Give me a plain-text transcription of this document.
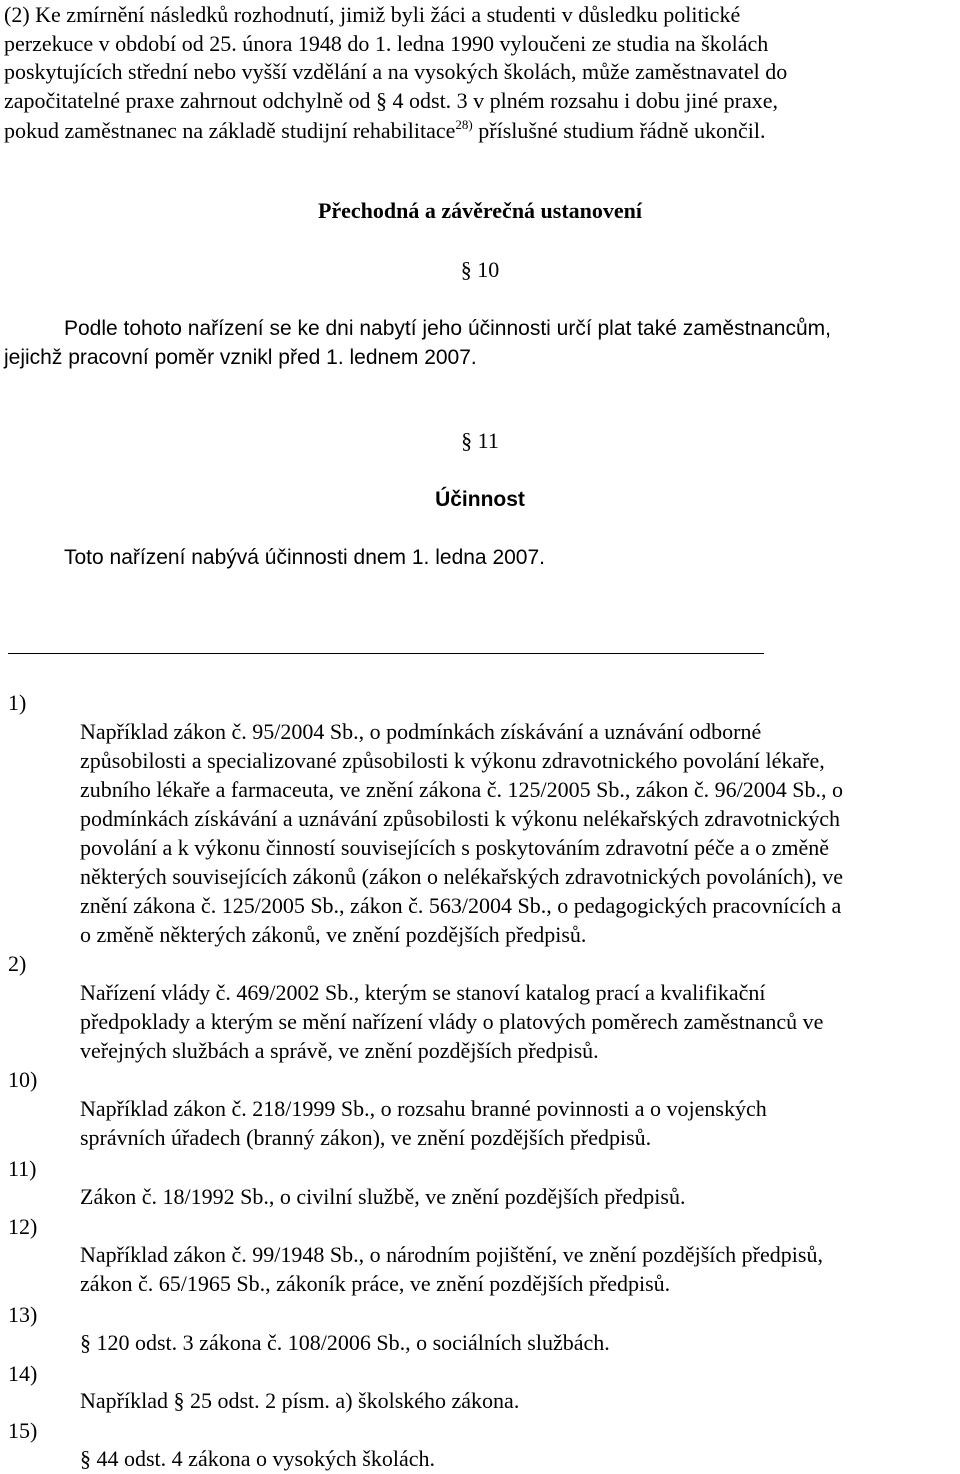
(2) Ke zmírnění následků rozhodnutí, jimiž byli žáci a studenti v důsledku politické
perzekuce v období od 25. února 1948 do 1. ledna 1990 vyloučeni ze studia na školách
poskytujících střední nebo vyšší vzdělání a na vysokých školách, může zaměstnavatel do
započitatelné praxe zahrnout odchylně od § 4 odst. 3 v plném rozsahu i dobu jiné praxe,
pokud zaměstnanec na základě studijní rehabilitace$^{28)}$ příslušné studium řádně ukončil.
Přechodná a závěrečná ustanovení
§ 10
Podle tohoto nařízení se ke dni nabytí jeho účinnosti určí plat také zaměstnancům,
jejichž pracovní poměr vznikl před 1. lednem 2007.
§ 11
Účinnost
Toto nařízení nabývá účinnosti dnem 1. ledna 2007.
1)
2)
10)
11)
12)
13)
14)
15)
Například zákon č. 95/2004 Sb., o podmínkách získávání a uznávání odborné
způsobilosti a specializované způsobilosti k výkonu zdravotnického povolání lékaře,
zubního lékaře a farmaceuta, ve znění zákona č. 125/2005 Sb., zákon č. 96/2004 Sb., o
podmínkách získávání a uznávání způsobilosti k výkonu nelékařských zdravotnických
povolání a k výkonu činností souvisejících s poskytováním zdravotní péče a o změně
některých souvisejících zákonů (zákon o nelékařských zdravotnických povoláních), ve
znění zákona č. 125/2005 Sb., zákon č. 563/2004 Sb., o pedagogických pracovnících a
o změně některých zákonů, ve znění pozdějších předpisů.
Nařízení vlády č. 469/2002 Sb., kterým se stanoví katalog prací a kvalifikační
předpoklady a kterým se mění nařízení vlády o platových poměrech zaměstnanců ve
veřejných službách a správě, ve znění pozdějších předpisů.
Například zákon č. 218/1999 Sb., o rozsahu branné povinnosti a o vojenských
správních úřadech (branný zákon), ve znění pozdějších předpisů.
Zákon č. 18/1992 Sb., o civilní službě, ve znění pozdějších předpisů.
Například zákon č. 99/1948 Sb., o národním pojištění, ve znění pozdějších předpisů,
zákon č. 65/1965 Sb., zákoník práce, ve znění pozdějších předpisů.
§ 120 odst. 3 zákona č. 108/2006 Sb., o sociálních službách.
Například § 25 odst. 2 písm. a) školského zákona.
§ 44 odst. 4 zákona o vysokých školách.
